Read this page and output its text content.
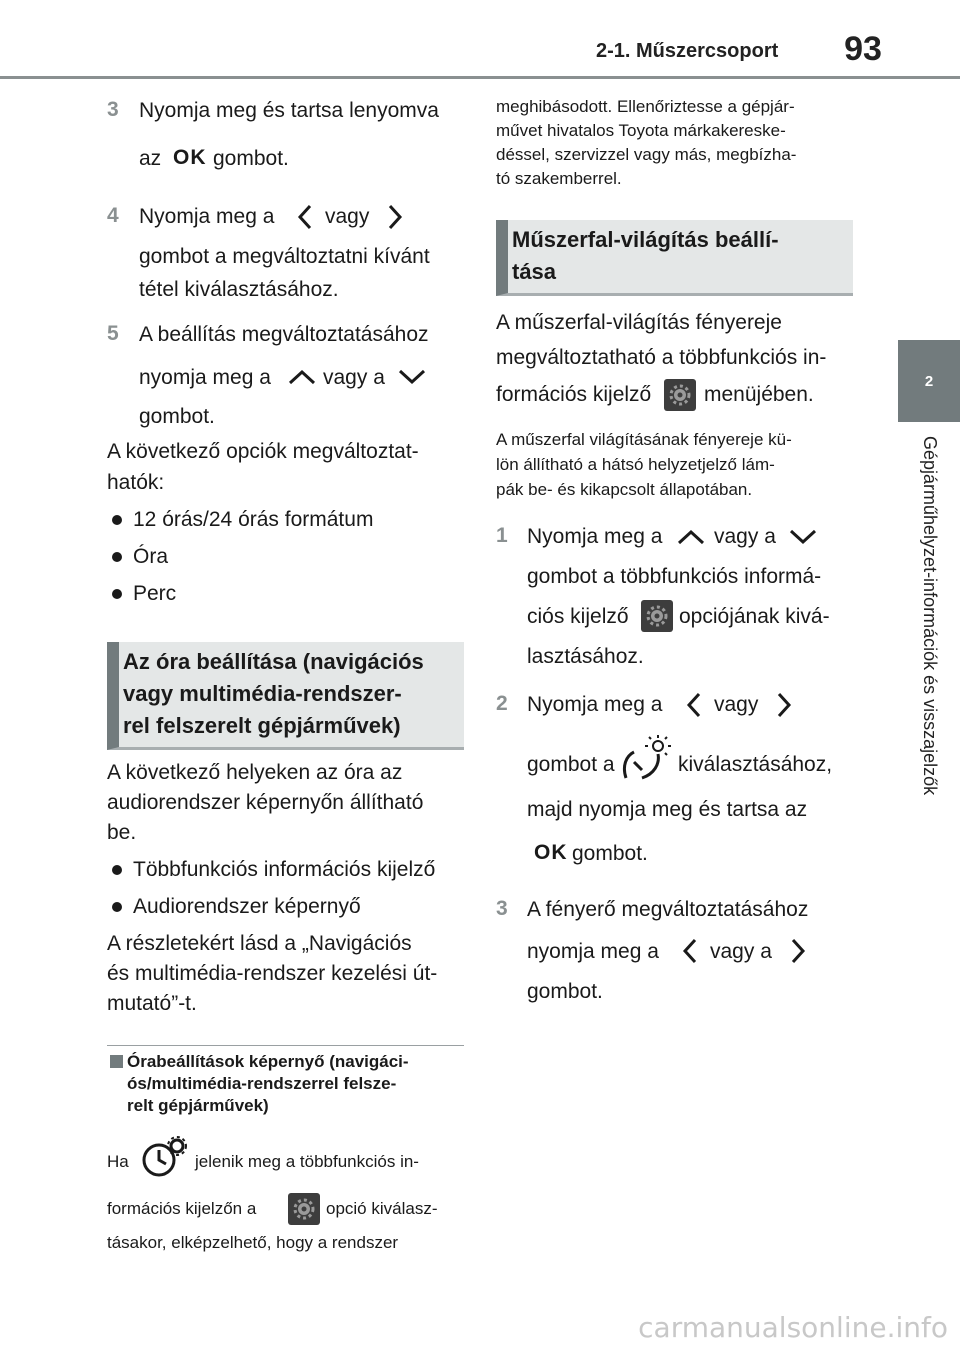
2-1. Műszercsoport	93
2
Gépjárműhelyzet-információk és visszajelzők
3 Nyomja meg és tartsa lenyomva
az OK gombot.
4 Nyomja meg a vagy
gombot a megváltoztatni kívánt
tétel kiválasztásához.
5 A beállítás megváltoztatásához
nyomja meg a vagy a
gombot.
A következő opciók megváltoztat-
hatók:
12 órás/24 órás formátum
Óra
Perc
Az óra beállítása (navigációs
vagy multimédia-rendszer-
rel felszerelt gépjárművek)
A következő helyeken az óra az
audiorendszer képernyőn állítható
be.
Többfunkciós információs kijelző
Audiorendszer képernyő
A részletekért lásd a „Navigációs
és multimédia-rendszer kezelési út-
mutató”-t.
Órabeállítások képernyő (navigáci-
ós/multimédia-rendszerrel felsze-
relt gépjárművek)
Ha	jelenik meg a többfunkciós in-
formációs kijelzőn a	opció kiválasz-
tásakor, elképzelhető, hogy a rendszer
meghibásodott. Ellenőriztesse a gépjár-
művet hivatalos Toyota márkakereske-
déssel, szervizzel vagy más, megbízha-
tó szakemberrel.
Műszerfal-világítás beállí-
tása
A műszerfal-világítás fényereje
megváltoztatható a többfunkciós in-
formációs kijelző	menüjében.
A műszerfal világításának fényereje kü-
lön állítható a hátsó helyzetjelző lám-
pák be- és kikapcsolt állapotában.
1 Nyomja meg a vagy a
gombot a többfunkciós informá-
ciós kijelző opciójának kivá-
lasztásához.
2 Nyomja meg a vagy
gombot a	kiválasztásához,
majd nyomja meg és tartsa az
OK gombot.
3 A fényerő megváltoztatásához
nyomja meg a vagy a
gombot.
carmanualsonline.info
